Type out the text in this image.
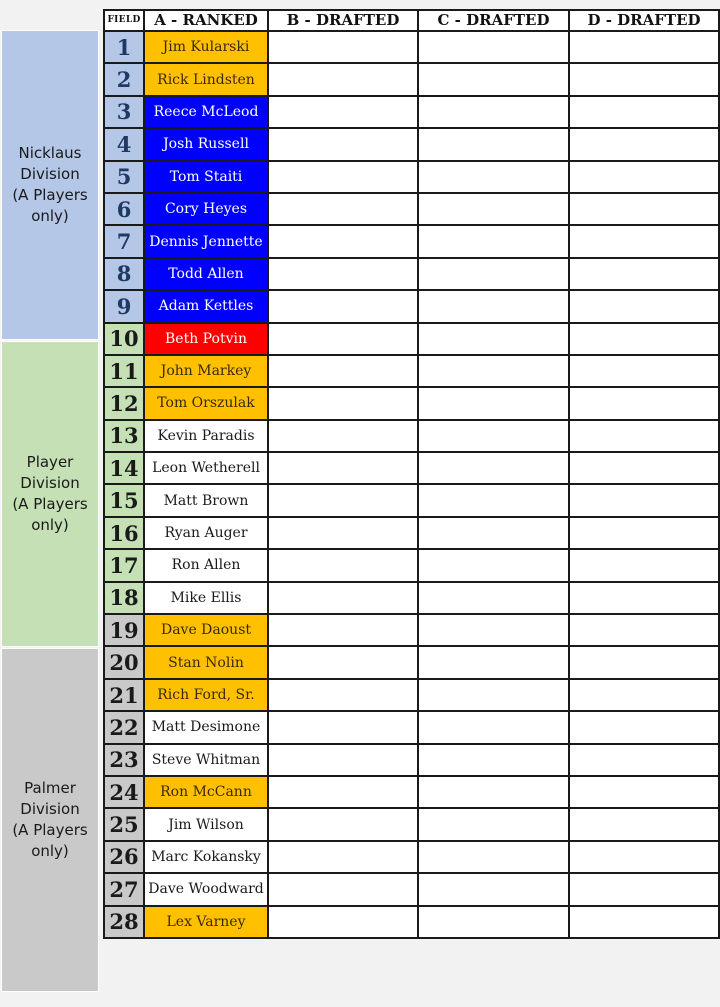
Nicklaus
Division
(A Players
only)
Player
Division
(A Players
only)
Palmer
Division
(A Players
only)
FIELD	A - RANKED	B - DRAFTED	C - DRAFTED	D - DRAFTED
1	Jim Kularski			
2	Rick Lindsten			
3	Reece McLeod			
4	Josh Russell			
5	Tom Staiti			
6	Cory Heyes			
7	Dennis Jennette			
8	Todd Allen			
9	Adam Kettles			
10	Beth Potvin			
11	John Markey			
12	Tom Orszulak			
13	Kevin Paradis			
14	Leon Wetherell			
15	Matt Brown			
16	Ryan Auger			
17	Ron Allen			
18	Mike Ellis			
19	Dave Daoust			
20	Stan Nolin			
21	Rich Ford, Sr.			
22	Matt Desimone			
23	Steve Whitman			
24	Ron McCann			
25	Jim Wilson			
26	Marc Kokansky			
27	Dave Woodward			
28	Lex Varney			
